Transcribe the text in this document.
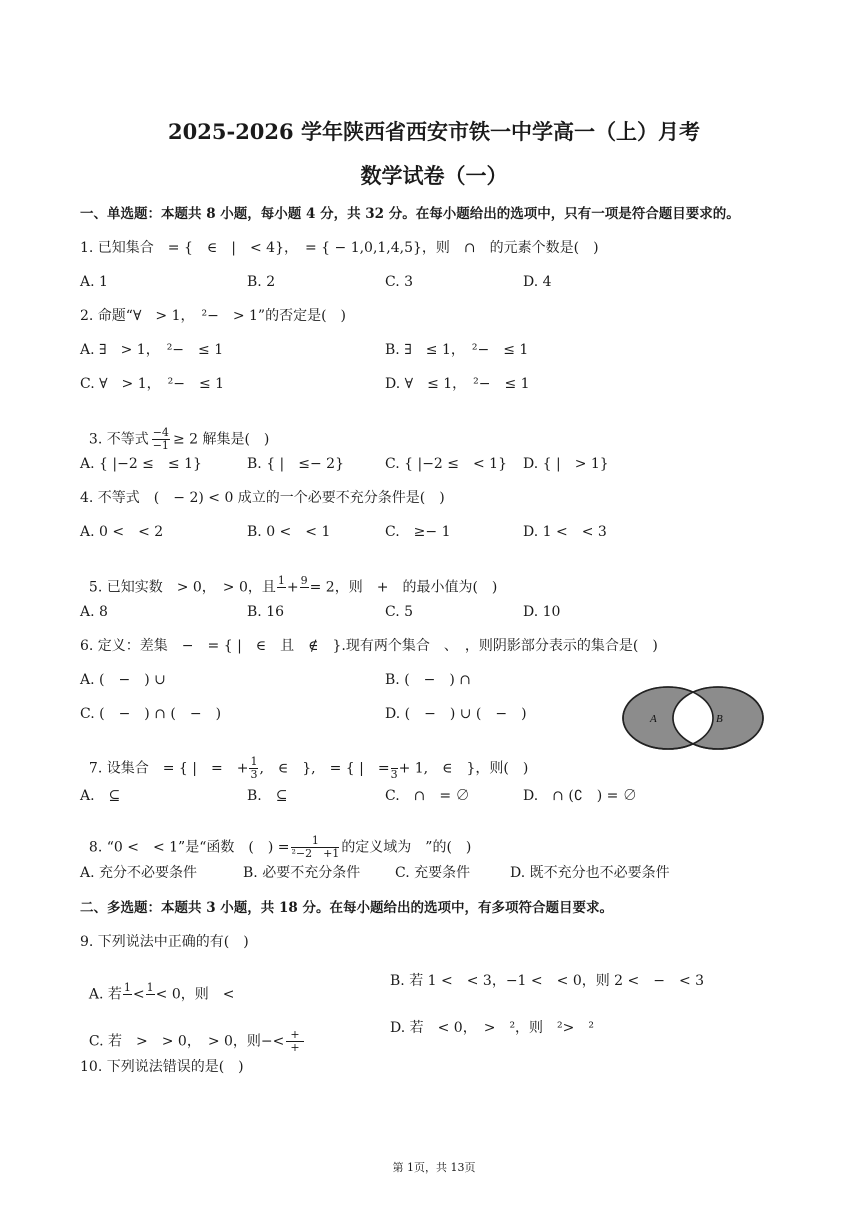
2025-2026 学年陕西省西安市铁一中学高一（上）月考
数学试卷（一）
一、单选题：本题共 8 小题，每小题 4 分，共 32 分。在每小题给出的选项中，只有一项是符合题目要求的。
1. 已知集合　= {　∈　|　< 4}，　= { − 1,0,1,4,5}，则　∩　的元素个数是(　)
A. 1	B. 2	C. 3	D. 4
2. 命题“∀　> 1，　²−　> 1”的否定是(　)
A. ∃　> 1，　²−　≤ 1	B. ∃　≤ 1，　²−　≤ 1
C. ∀　> 1，　²−　≤ 1	D. ∀　≤ 1，　²−　≤ 1

3. 不等式 $\frac{-4}{-1} \ge 2$ 解集是(　)

A. { |−2 ≤　≤ 1}	B. { |　≤− 2}	C. { |−2 ≤　< 1} D. { |　> 1}
4. 不等式　(　− 2) < 0 成立的一个必要不充分条件是(　)
A. 0 <　< 2	B. 0 <　< 1	C.　≥− 1	D. 1 <　< 3

5. 已知实数　> 0，　> 0，且 1
+ 9
= 2，则　+　的最小值为(　)

A. 8	B. 16	C. 5	D. 10
6. 定义：差集　−　= { |　∈　且　∉　}.现有两个集合　、　，则阴影部分表示的集合是(　)
A. (　−　) ∪	B. (　−　) ∩
C. (　−　) ∩ (　−　)	D. (　−　) ∪ (　−　)	A	B

7. 设集合　= { |　=　+ $\frac{1}{3}$ ,　∈　},　= { |　=
3 + 1,　∈　}，则(　)

A.　⊆	B.　⊆	C.　∩　= ∅	D.　∩ (∁　) = ∅

8. “0 <　< 1”是“函数　(　) = $\frac{1}{\text{²−2　+1}}$ 的定义域为　”的(　)

A. 充分不必要条件	B. 必要不充分条件 C. 充要条件	D. 既不充分也不必要条件
二、多选题：本题共 3 小题，共 18 分。在每小题给出的选项中，有多项符合题目要求。
9. 下列说法中正确的有(　)

A. 若 1
< 1
< 0，则　<

B. 若 1 <　< 3，−1 <　< 0，则 2 <　−　< 3

C. 若　>　> 0，　> 0，则−< +
+

D. 若　< 0，　>　²，则　²>　²
10. 下列说法错误的是(　)
第 1页，共 13页
